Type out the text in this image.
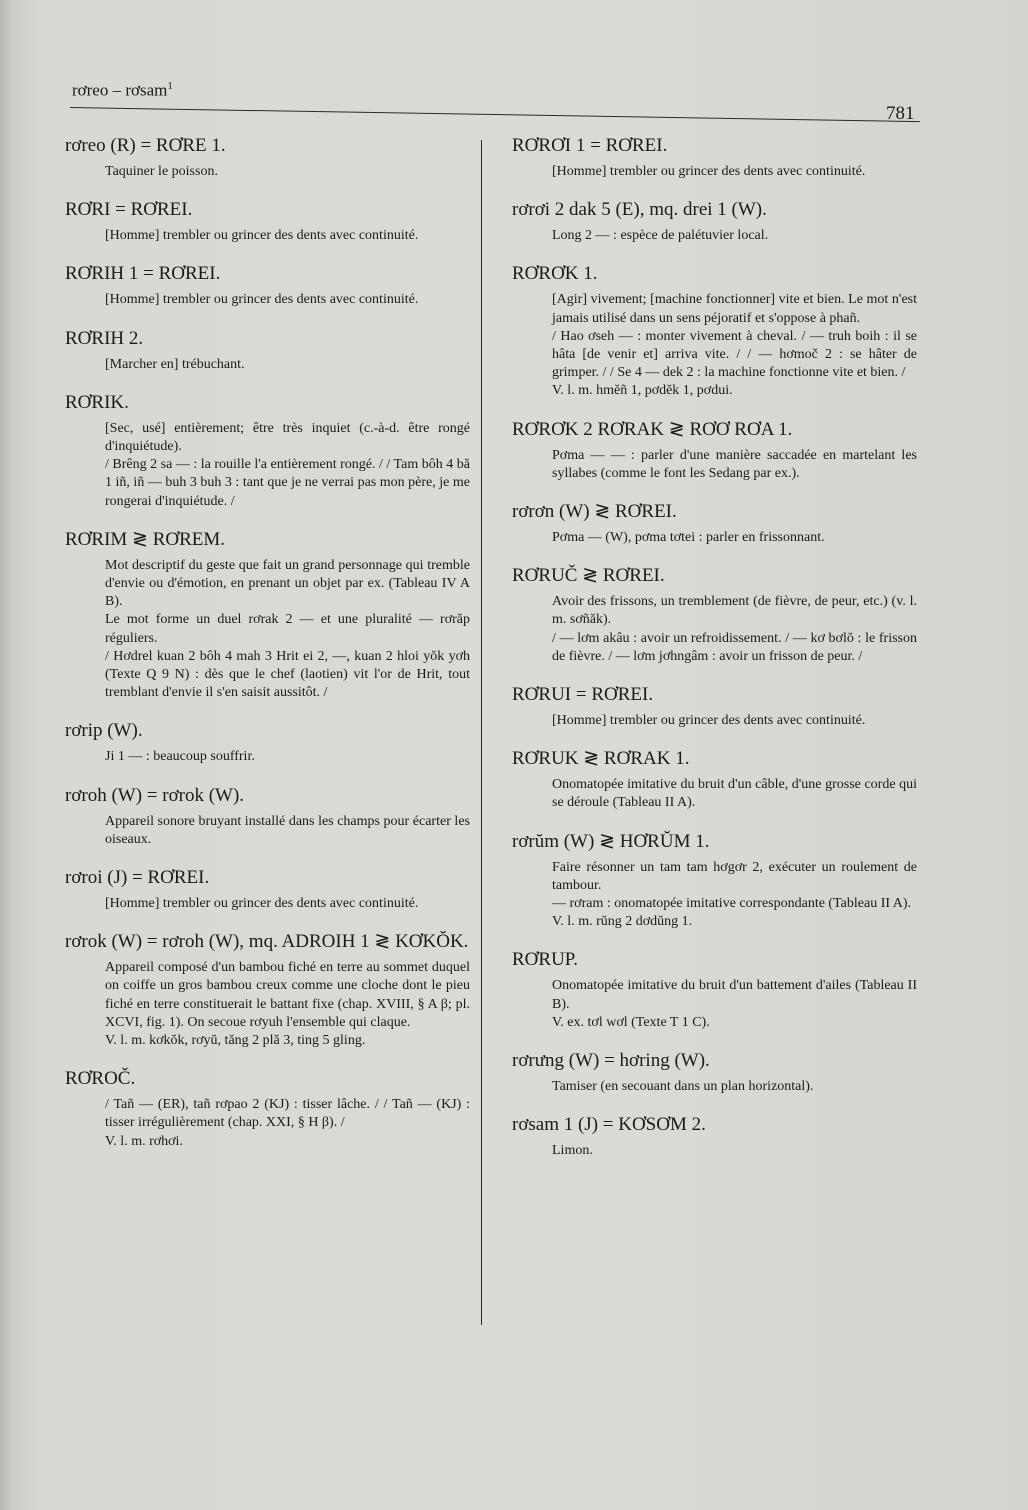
rơreo – rơsam$^1$
781
rơreo (R) = RƠRE 1.

Taquiner le poisson.

RƠRI = RƠREI.

[Homme] trembler ou grincer des dents avec continuité.

RƠRIH 1 = RƠREI.

[Homme] trembler ou grincer des dents avec continuité.

RƠRIH 2.

[Marcher en] trébuchant.

RƠRIK.

[Sec, usé] entièrement; être très inquiet (c.-à-d. être rongé d'inquiétude).

/ Brêng 2 sa — : la rouille l'a entièrement rongé. / / Tam bôh 4 bă 1 iñ, iñ — buh 3 buh 3 : tant que je ne verrai pas mon père, je me rongerai d'inquiétude. /

RƠRIM ≷ RƠREM.

Mot descriptif du geste que fait un grand personnage qui tremble d'envie ou d'émotion, en prenant un objet par ex. (Tableau IV A B).

Le mot forme un duel rơrak 2 — et une pluralité — rơrăp réguliers.

/ Hơdrel kuan 2 bôh 4 mah 3 Hrit ei 2, —, kuan 2 hloi yŏk yơh (Texte Q 9 N) : dès que le chef (laotien) vit l'or de Hrit, tout tremblant d'envie il s'en saisit aussitôt. /

rơrip (W).

Ji 1 — : beaucoup souffrir.

rơroh (W) = rơrok (W).

Appareil sonore bruyant installé dans les champs pour écarter les oiseaux.

rơroi (J) = RƠREI.

[Homme] trembler ou grincer des dents avec continuité.

rơrok (W) = rơroh (W), mq. ADROIH 1 ≷ KƠKŎK.

Appareil composé d'un bambou fiché en terre au sommet duquel on coiffe un gros bambou creux comme une cloche dont le pieu fiché en terre constituerait le battant fixe (chap. XVIII, § A β; pl. XCVI, fig. 1). On secoue rơyuh l'ensemble qui claque.

V. l. m. kơkŏk, rơyŭ, tăng 2 plă 3, ting 5 gling.

RƠROČ.

/ Tañ — (ER), tañ rơpao 2 (KJ) : tisser lâche. / / Tañ — (KJ) : tisser irrégulièrement (chap. XXI, § H β). /

V. l. m. rơhơi.

RƠRƠI 1 = RƠREI.

[Homme] trembler ou grincer des dents avec continuité.

rơrơi 2 dak 5 (E), mq. drei 1 (W).

Long 2 — : espèce de palétuvier local.

RƠRƠK 1.

[Agir] vivement; [machine fonctionner] vite et bien. Le mot n'est jamais utilisé dans un sens péjoratif et s'oppose à phañ.

/ Hao ơseh — : monter vivement à cheval. / — truh boih : il se hâta [de venir et] arriva vite. / / — hơmoč 2 : se hâter de grimper. / / Se 4 — dek 2 : la machine fonctionne vite et bien. /

V. l. m. hmĕñ 1, pơdĕk 1, pơdui.

RƠRƠK 2 RƠRAK ≷ RƠƠ RƠA 1.

Pơma — — : parler d'une manière saccadée en martelant les syllabes (comme le font les Sedang par ex.).

rơrơn (W) ≷ RƠREI.

Pơma — (W), pơma tơtei : parler en frissonnant.

RƠRUČ ≷ RƠREI.

Avoir des frissons, un tremblement (de fièvre, de peur, etc.) (v. l. m. sơñăk).

/ — lơm akâu : avoir un refroidissement. / — kơ bơlŏ : le frisson de fièvre. / — lơm jơhngâm : avoir un frisson de peur. /

RƠRUI = RƠREI.

[Homme] trembler ou grincer des dents avec continuité.

RƠRUK ≷ RƠRAK 1.

Onomatopée imitative du bruit d'un câble, d'une grosse corde qui se déroule (Tableau II A).

rơrŭm (W) ≷ HƠRŬM 1.

Faire résonner un tam tam hơgơr 2, exécuter un roulement de tambour.

— rơram : onomatopée imitative correspondante (Tableau II A).

V. l. m. rŭng 2 dơdŭng 1.

RƠRUP.

Onomatopée imitative du bruit d'un battement d'ailes (Tableau II B).

V. ex. tơl wơl (Texte T 1 C).

rơrưng (W) = hơring (W).

Tamiser (en secouant dans un plan horizontal).

rơsam 1 (J) = KƠSƠM 2.

Limon.
